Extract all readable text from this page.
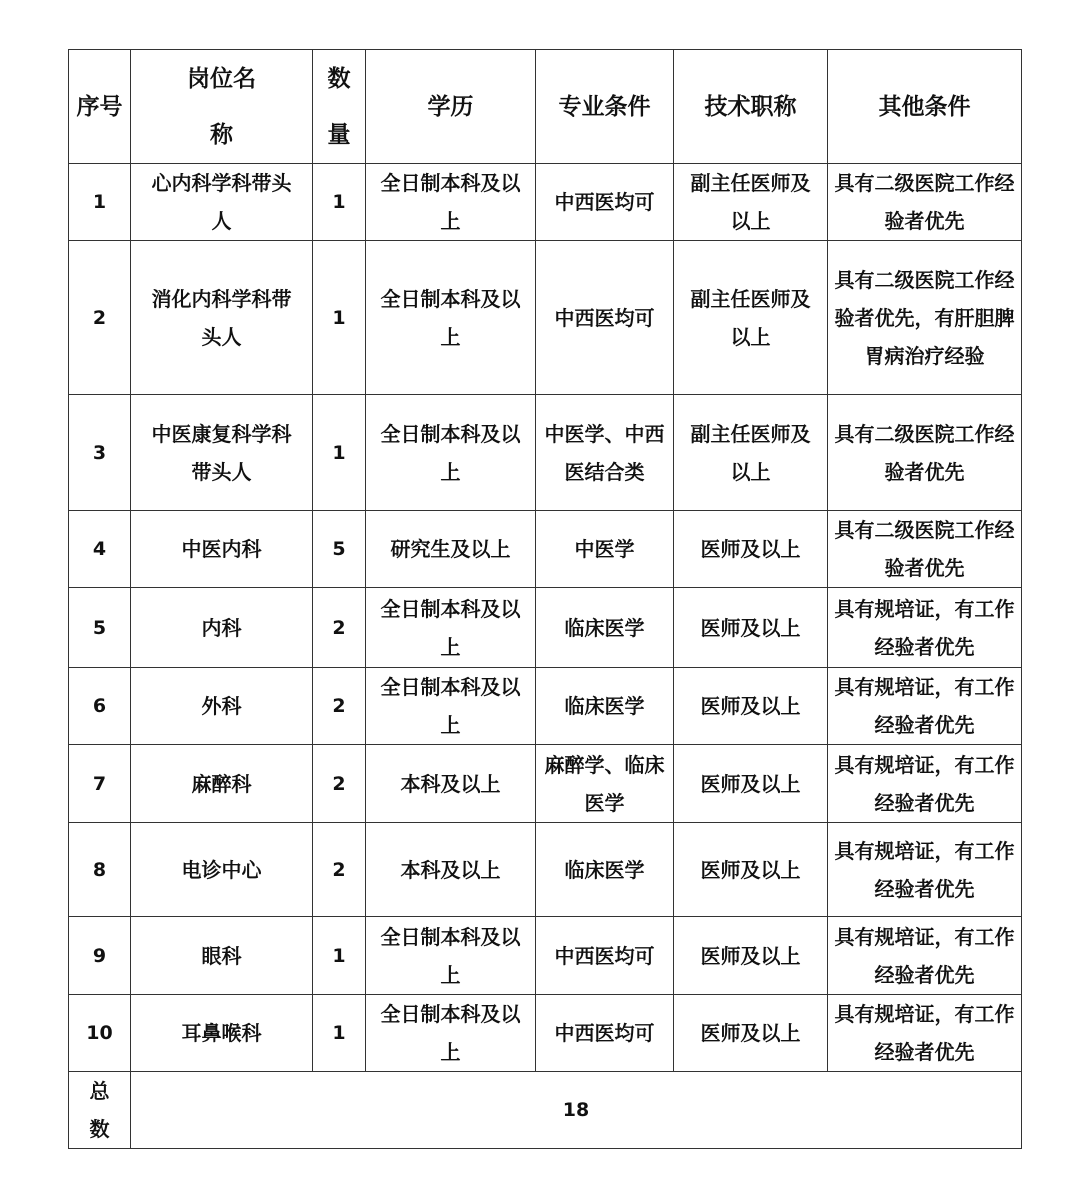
序号	岗位名称	数量	学历	专业条件	技术职称	其他条件
1	心内科学科带头人	1	全日制本科及以上	中西医均可	副主任医师及以上	具有二级医院工作经验者优先
2	消化内科学科带头人	1	全日制本科及以上	中西医均可	副主任医师及以上	具有二级医院工作经验者优先，有肝胆脾胃病治疗经验
3	中医康复科学科带头人	1	全日制本科及以上	中医学、中西医结合类	副主任医师及以上	具有二级医院工作经验者优先
4	中医内科	5	研究生及以上	中医学	医师及以上	具有二级医院工作经验者优先
5	内科	2	全日制本科及以上	临床医学	医师及以上	具有规培证，有工作经验者优先
6	外科	2	全日制本科及以上	临床医学	医师及以上	具有规培证，有工作经验者优先
7	麻醉科	2	本科及以上	麻醉学、临床医学	医师及以上	具有规培证，有工作经验者优先
8	电诊中心	2	本科及以上	临床医学	医师及以上	具有规培证，有工作经验者优先
9	眼科	1	全日制本科及以上	中西医均可	医师及以上	具有规培证，有工作经验者优先
10	耳鼻喉科	1	全日制本科及以上	中西医均可	医师及以上	具有规培证，有工作经验者优先
总数	18					
